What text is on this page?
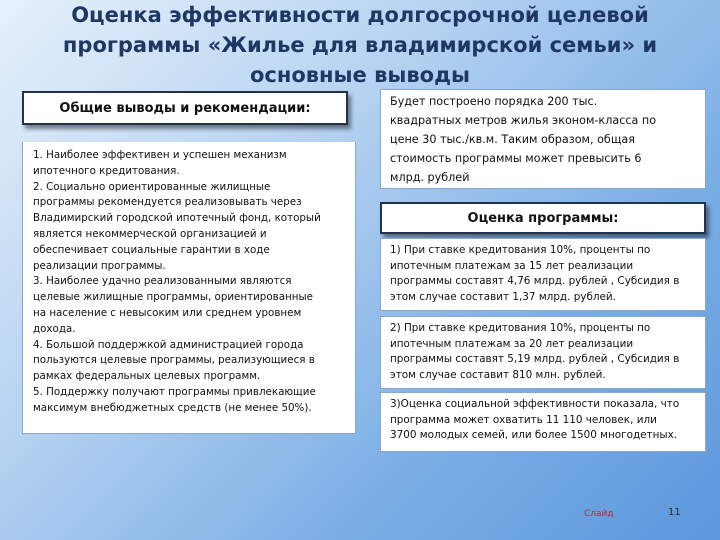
Оценка эффективности долгосрочной целевой
программы «Жилье для владимирской семьи» и
основные выводы
Общие выводы и рекомендации:
1. Наиболее эффективен и успешен механизм
ипотечного кредитования.
2. Социально ориентированные жилищные
программы рекомендуется реализовывать через
Владимирский городской ипотечный фонд, который
является некоммерческой организацией и
обеспечивает социальные гарантии в ходе
реализации программы.
3. Наиболее удачно реализованными являются
целевые жилищные программы, ориентированные
на население с невысоким или среднем уровнем
дохода.
4. Большой поддержкой администрацией города
пользуются целевые программы, реализующиеся в
рамках федеральных целевых программ.
5. Поддержку получают программы привлекающие
максимум внебюджетных средств (не менее 50%).
Будет построено порядка 200 тыс.
квадратных метров жилья эконом-класса по
цене 30 тыс./кв.м. Таким образом, общая
стоимость программы может превысить 6
млрд. рублей
Оценка программы:
1) При ставке кредитования 10%, проценты по
ипотечным платежам за 15 лет реализации
программы составят 4,76 млрд. рублей , Субсидия в
этом случае составит 1,37 млрд. рублей.
2) При ставке кредитования 10%, проценты по
ипотечным платежам за 20 лет реализации
программы составят 5,19 млрд. рублей , Субсидия в
этом случае составит 810 млн. рублей.
3)Оценка социальной эффективности показала, что
программа может охватить 11 110 человек, или
3700 молодых семей, или более 1500 многодетных.
Слайд	11
